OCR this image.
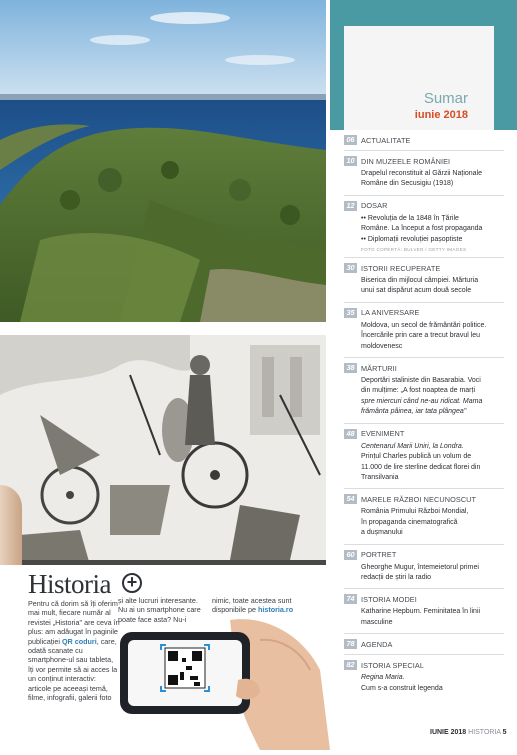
Historia +
Pentru că dorim să îți oferim mai mult, fiecare număr al revistei „Historia" are ceva în plus: am adăugat în paginile publicației QR coduri, care, odată scanate cu smartphone-ul sau tableta, îți vor permite să ai acces la un conținut interactiv: articole pe aceeași temă, filme, infografii, galerii foto
și alte lucruri interesante. Nu ai un smartphone care poate face asta? Nu-i
nimic, toate acestea sunt disponibile pe historia.ro
Sumar
iunie 2018
06 ACTUALITATE
10 DIN MUZEELE ROMÂNIEI
Drapelul reconstituit al Gărzii Naționale
Române din Secusigiu (1918)
12 DOSAR
•• Revoluția de la 1848 în Țările
Române. La început a fost propaganda
•• Diplomații revoluției pașoptiste
FOTO COPERTĂ: BULVER / GETTY IMAGES
30 ISTORII RECUPERATE
Biserica din mijlocul câmpiei. Mărturia
unui sat dispărut acum două secole
35 LA ANIVERSARE
Moldova, un secol de frământări politice.
Încercările prin care a trecut bravul leu
moldovenesc
38 MĂRTURII
Deportări staliniste din Basarabia. Voci
din mulțime: „A fost noaptea de marți
spre miercuri când ne-au ridicat. Mama
frământa pâinea, iar tata plângea"
48 EVENIMENT
Centenarul Marii Uniri, la Londra.
Prințul Charles publică un volum de
11.000 de lire sterline dedicat florei din
Transilvania
54 MARELE RĂZBOI NECUNOSCUT
România Primului Război Mondial,
în propaganda cinematografică
a dușmanului
60 PORTRET
Gheorghe Mugur, întemeietorul primei
redacții de știri la radio
74 ISTORIA MODEI
Katharine Hepburn. Feminitatea în linii
masculine
78 AGENDA
82 ISTORIA SPECIAL
Regina Maria.
Cum s-a construit legenda
IUNIE 2018 HISTORIA 5
